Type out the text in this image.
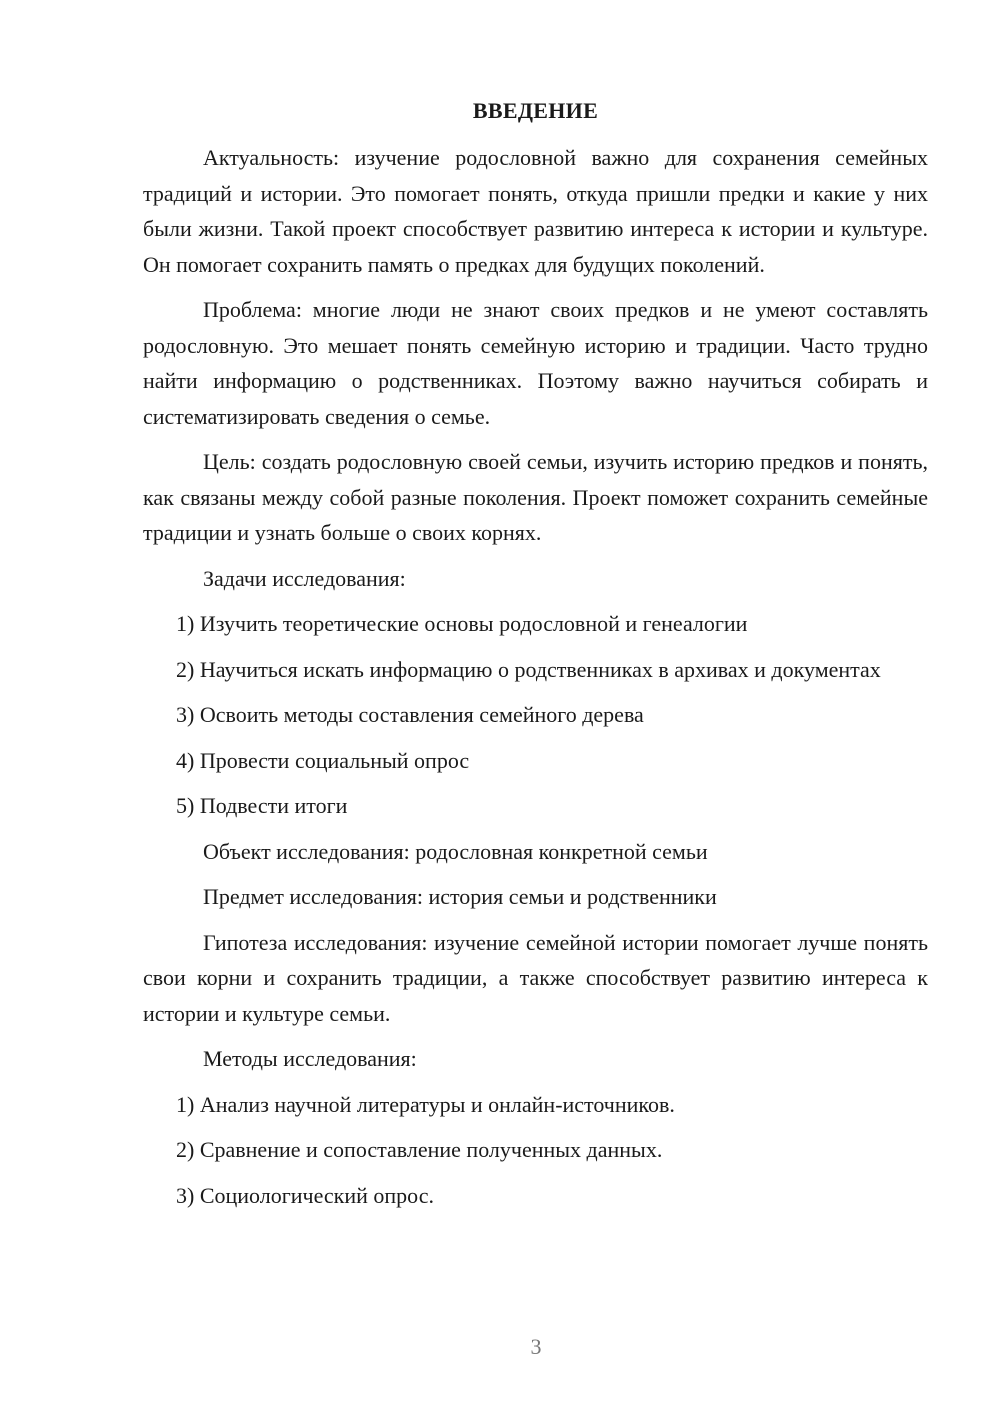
ВВЕДЕНИЕ

Актуальность: изучение родословной важно для сохранения семейных традиций и истории. Это помогает понять, откуда пришли предки и какие у них были жизни. Такой проект способствует развитию интереса к истории и культуре. Он помогает сохранить память о предках для будущих поколений.

Проблема: многие люди не знают своих предков и не умеют составлять родословную. Это мешает понять семейную историю и традиции. Часто трудно найти информацию о родственниках. Поэтому важно научиться собирать и систематизировать сведения о семье.

Цель: создать родословную своей семьи, изучить историю предков и понять, как связаны между собой разные поколения. Проект поможет сохранить семейные традиции и узнать больше о своих корнях.

Задачи исследования:

1) Изучить теоретические основы родословной и генеалогии

2) Научиться искать информацию о родственниках в архивах и документах

3) Освоить методы составления семейного дерева

4) Провести социальный опрос

5) Подвести итоги

Объект исследования: родословная конкретной семьи

Предмет исследования: история семьи и родственники

Гипотеза исследования: изучение семейной истории помогает лучше понять свои корни и сохранить традиции, а также способствует развитию интереса к истории и культуре семьи.

Методы исследования:

1) Анализ научной литературы и онлайн-источников.

2) Сравнение и сопоставление полученных данных.

3) Социологический опрос.

3
